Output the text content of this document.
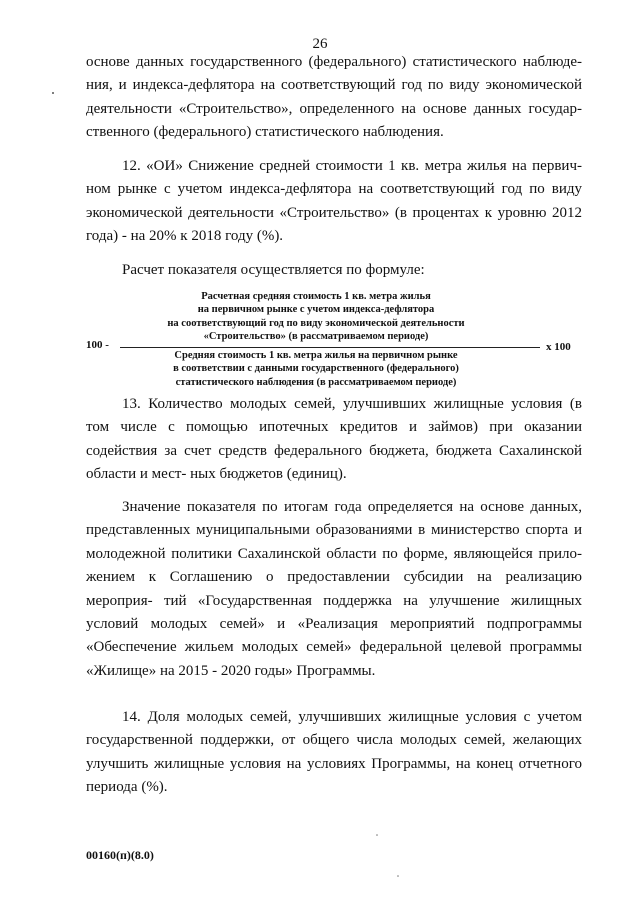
26

основе данных государственного (федерального) статистического наблюде- ния, и индекса-дефлятора на соответствующий год по виду экономической деятельности «Строительство», определенного на основе данных государ- ственного (федерального) статистического наблюдения.

12. «ОИ» Снижение средней стоимости 1 кв. метра жилья на первич- ном рынке с учетом индекса-дефлятора на соответствующий год по виду экономической деятельности «Строительство» (в процентах к уровню 2012 года) - на 20% к 2018 году (%).

Расчет показателя осуществляется по формуле:

100 -

Расчетная средняя стоимость 1 кв. метра жилья
на первичном рынке с учетом индекса-дефлятора
на соответствующий год по виду экономической деятельности
«Строительство» (в рассматриваемом периоде)

Средняя стоимость 1 кв. метра жилья на первичном рынке
в соответствии с данными государственного (федерального)
статистического наблюдения (в рассматриваемом периоде)

х 100

13. Количество молодых семей, улучшивших жилищные условия (в том числе с помощью ипотечных кредитов и займов) при оказании содействия за счет средств федерального бюджета, бюджета Сахалинской области и мест- ных бюджетов (единиц).

Значение показателя по итогам года определяется на основе данных, представленных муниципальными образованиями в министерство спорта и молодежной политики Сахалинской области по форме, являющейся прило- жением к Соглашению о предоставлении субсидии на реализацию мероприя- тий «Государственная поддержка на улучшение жилищных условий молодых семей» и «Реализация мероприятий подпрограммы «Обеспечение жильем молодых семей» федеральной целевой программы «Жилище» на 2015 - 2020 годы» Программы.

14. Доля молодых семей, улучшивших жилищные условия с учетом государственной поддержки, от общего числа молодых семей, желающих улучшить жилищные условия на условиях Программы, на конец отчетного периода (%).

00160(п)(8.0)
